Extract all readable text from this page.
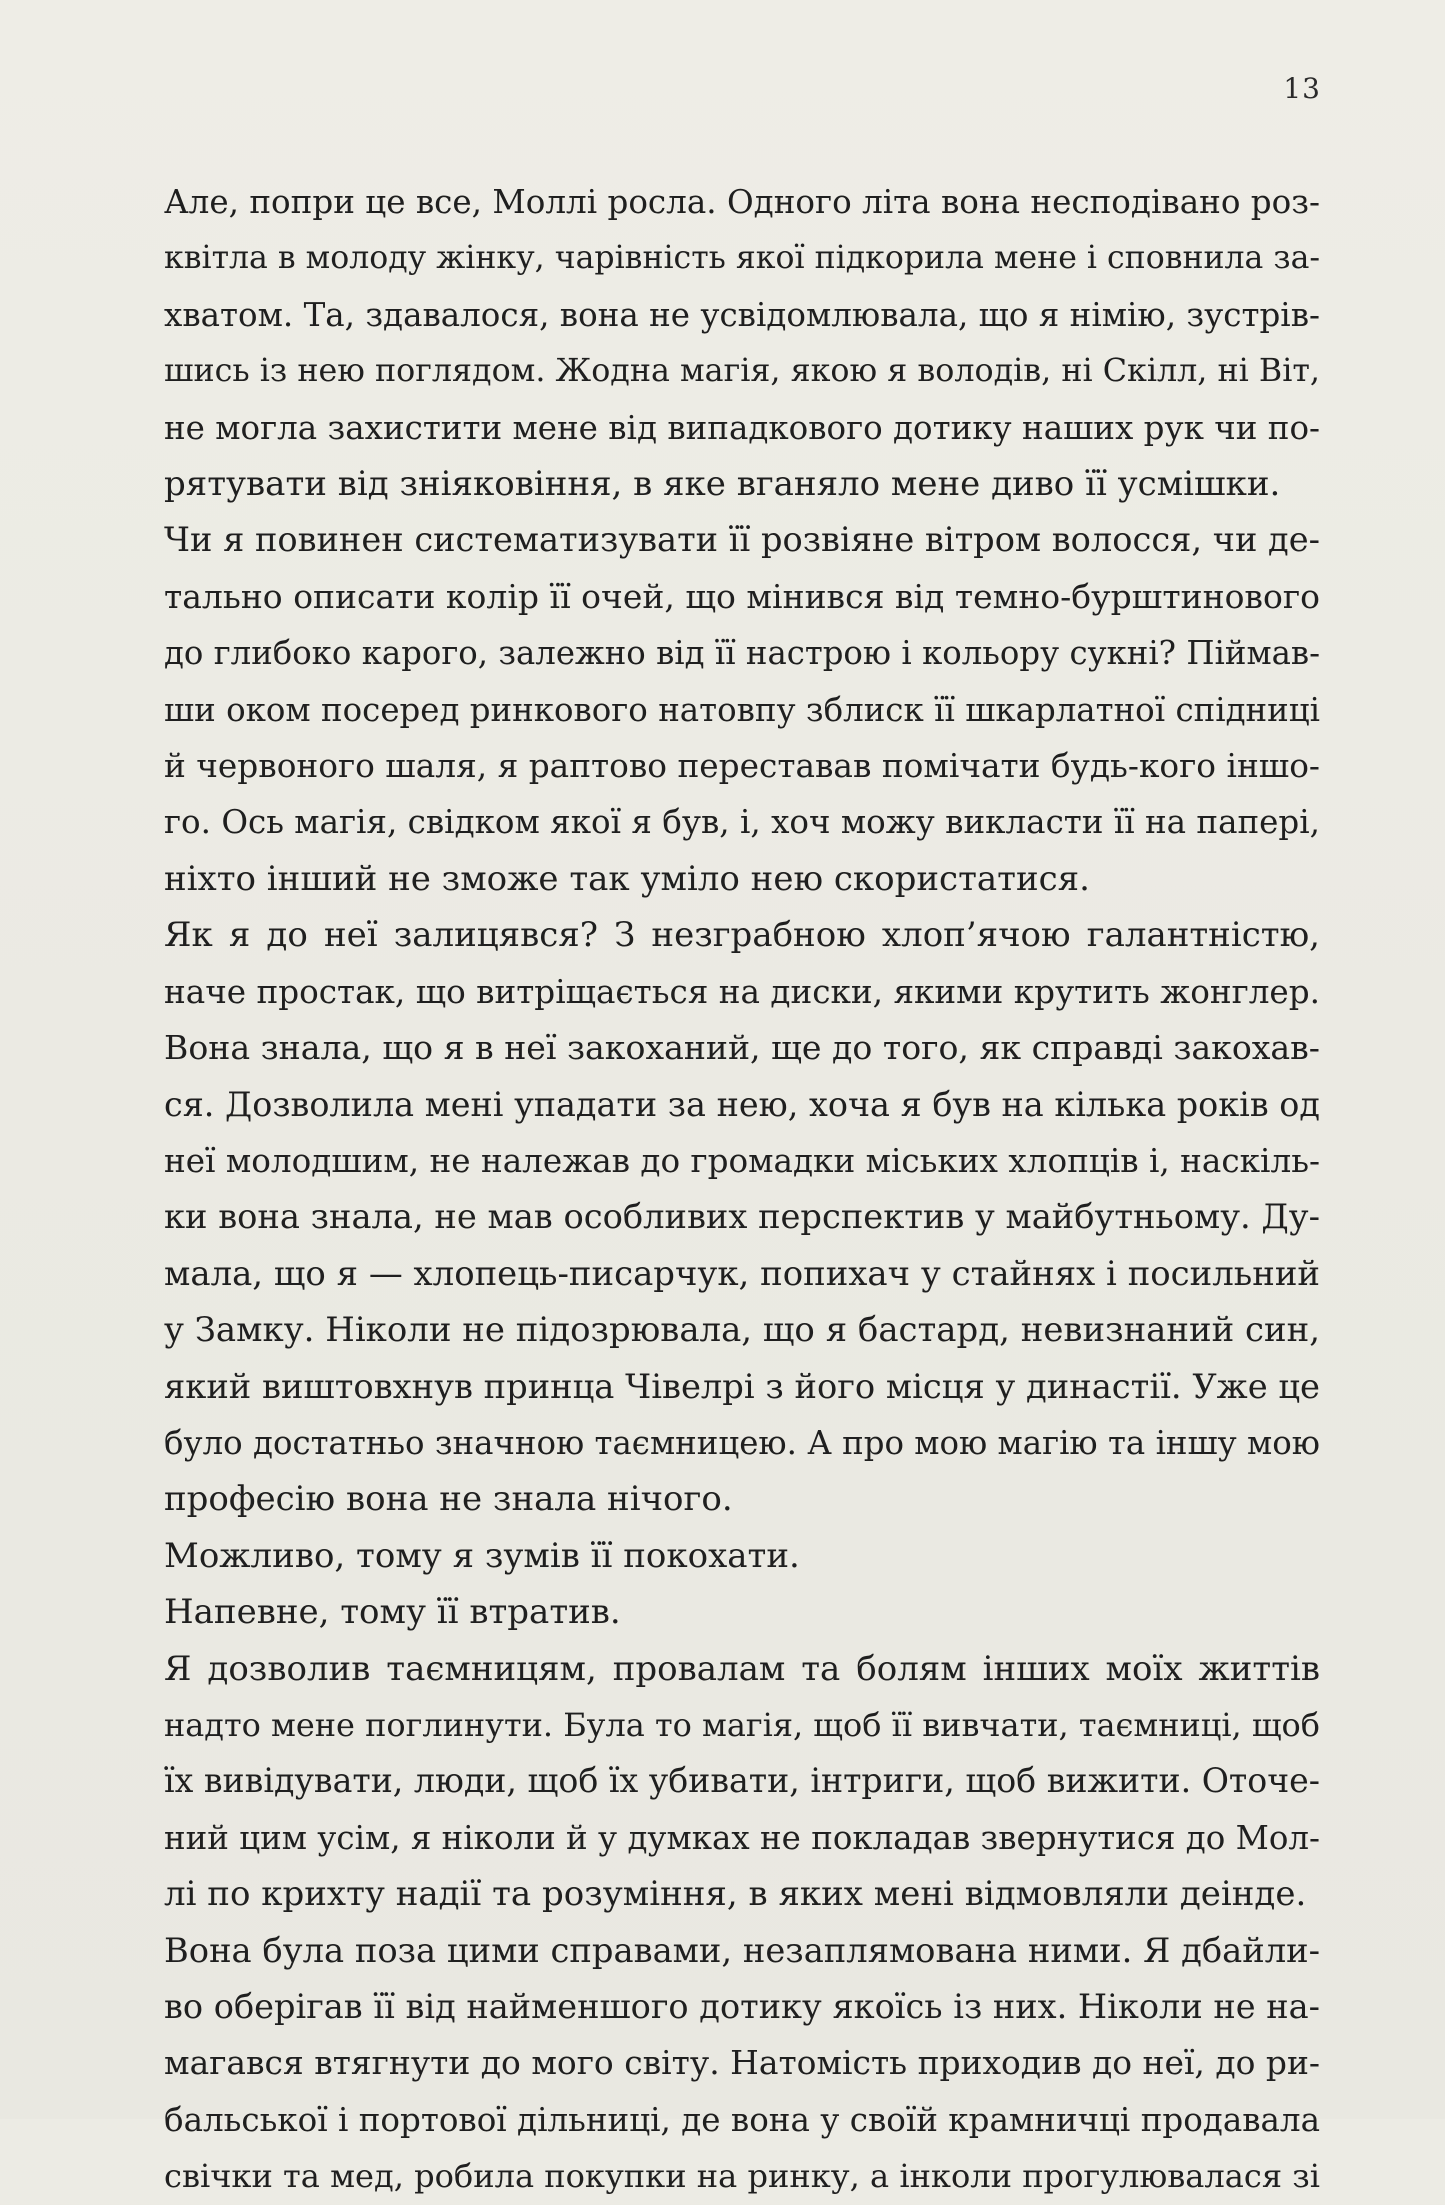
13
Але, попри це все, Моллі росла. Одного літа вона несподівано роз-
квітла в молоду жінку, чарівність якої підкорила мене і сповнила за-
хватом. Та, здавалося, вона не усвідомлювала, що я німію, зустрів-
шись із нею поглядом. Жодна магія, якою я володів, ні Скілл, ні Віт,
не могла захистити мене від випадкового дотику наших рук чи по-
рятувати від зніяковіння, в яке вганяло мене диво її усмішки.
Чи я повинен систематизувати її розвіяне вітром волосся, чи де-
тально описати колір її очей, що мінився від темно-бурштинового
до глибоко карого, залежно від її настрою і кольору сукні? Піймав-
ши оком посеред ринкового натовпу зблиск її шкарлатної спідниці
й червоного шаля, я раптово переставав помічати будь-кого іншо-
го. Ось магія, свідком якої я був, і, хоч можу викласти її на папері,
ніхто інший не зможе так уміло нею скористатися.
Як я до неї залицявся? З незграбною хлоп’ячою галантністю,
наче простак, що витріщається на диски, якими крутить жонглер.
Вона знала, що я в неї закоханий, ще до того, як справді закохав-
ся. Дозволила мені упадати за нею, хоча я був на кілька років од
неї молодшим, не належав до громадки міських хлопців і, наскіль-
ки вона знала, не мав особливих перспектив у майбутньому. Ду-
мала, що я — хлопець-писарчук, попихач у стайнях і посильний
у Замку. Ніколи не підозрювала, що я бастард, невизнаний син,
який виштовхнув принца Чівелрі з його місця у династії. Уже це
було достатньо значною таємницею. А про мою магію та іншу мою
професію вона не знала нічого.
Можливо, тому я зумів її покохати.
Напевне, тому її втратив.
Я дозволив таємницям, провалам та болям інших моїх життів
надто мене поглинути. Була то магія, щоб її вивчати, таємниці, щоб
їх вивідувати, люди, щоб їх убивати, інтриги, щоб вижити. Оточе-
ний цим усім, я ніколи й у думках не покладав звернутися до Мол-
лі по крихту надії та розуміння, в яких мені відмовляли деінде.
Вона була поза цими справами, незаплямована ними. Я дбайли-
во оберігав її від найменшого дотику якоїсь із них. Ніколи не на-
магався втягнути до мого світу. Натомість приходив до неї, до ри-
бальської і портової дільниці, де вона у своїй крамничці продавала
свічки та мед, робила покупки на ринку, а інколи прогулювалася зі
